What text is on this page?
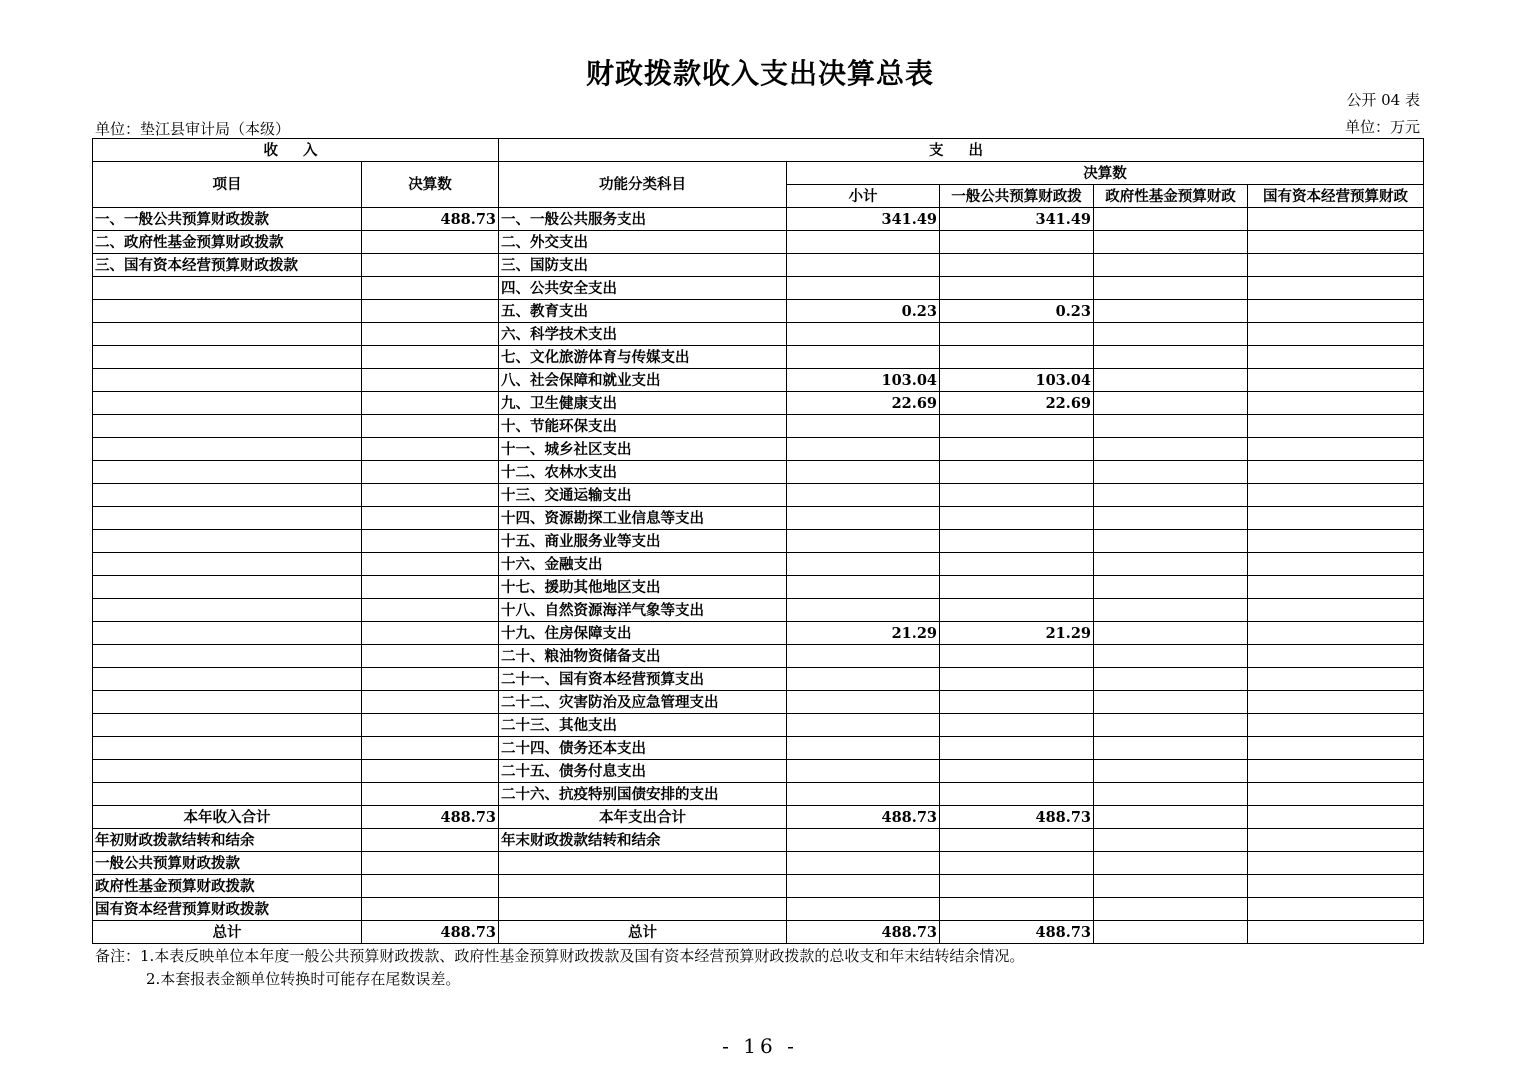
财政拨款收入支出决算总表
公开 04 表
单位：垫江县审计局（本级）	单位：万元
收 入		支 出				
项目	决算数	功能分类科目	决算数			
			小计	一般公共预算财政拨	政府性基金预算财政	国有资本经营预算财政
一、一般公共预算财政拨款	488.73	一、一般公共服务支出	341.49	341.49		
二、政府性基金预算财政拨款		二、外交支出				
三、国有资本经营预算财政拨款		三、国防支出				
		四、公共安全支出				
		五、教育支出	0.23	0.23		
		六、科学技术支出				
		七、文化旅游体育与传媒支出				
		八、社会保障和就业支出	103.04	103.04		
		九、卫生健康支出	22.69	22.69		
		十、节能环保支出				
		十一、城乡社区支出				
		十二、农林水支出				
		十三、交通运输支出				
		十四、资源勘探工业信息等支出				
		十五、商业服务业等支出				
		十六、金融支出				
		十七、援助其他地区支出				
		十八、自然资源海洋气象等支出				
		十九、住房保障支出	21.29	21.29		
		二十、粮油物资储备支出				
		二十一、国有资本经营预算支出				
		二十二、灾害防治及应急管理支出				
		二十三、其他支出				
		二十四、债务还本支出				
		二十五、债务付息支出				
		二十六、抗疫特别国债安排的支出				
本年收入合计	488.73	本年支出合计	488.73	488.73		
年初财政拨款结转和结余		年末财政拨款结转和结余				
一般公共预算财政拨款						
政府性基金预算财政拨款						
国有资本经营预算财政拨款						
总计	488.73	总计	488.73	488.73		
备注：1.本表反映单位本年度一般公共预算财政拨款、政府性基金预算财政拨款及国有资本经营预算财政拨款的总收支和年末结转结余情况。
2.本套报表金额单位转换时可能存在尾数误差。
- 16 -
